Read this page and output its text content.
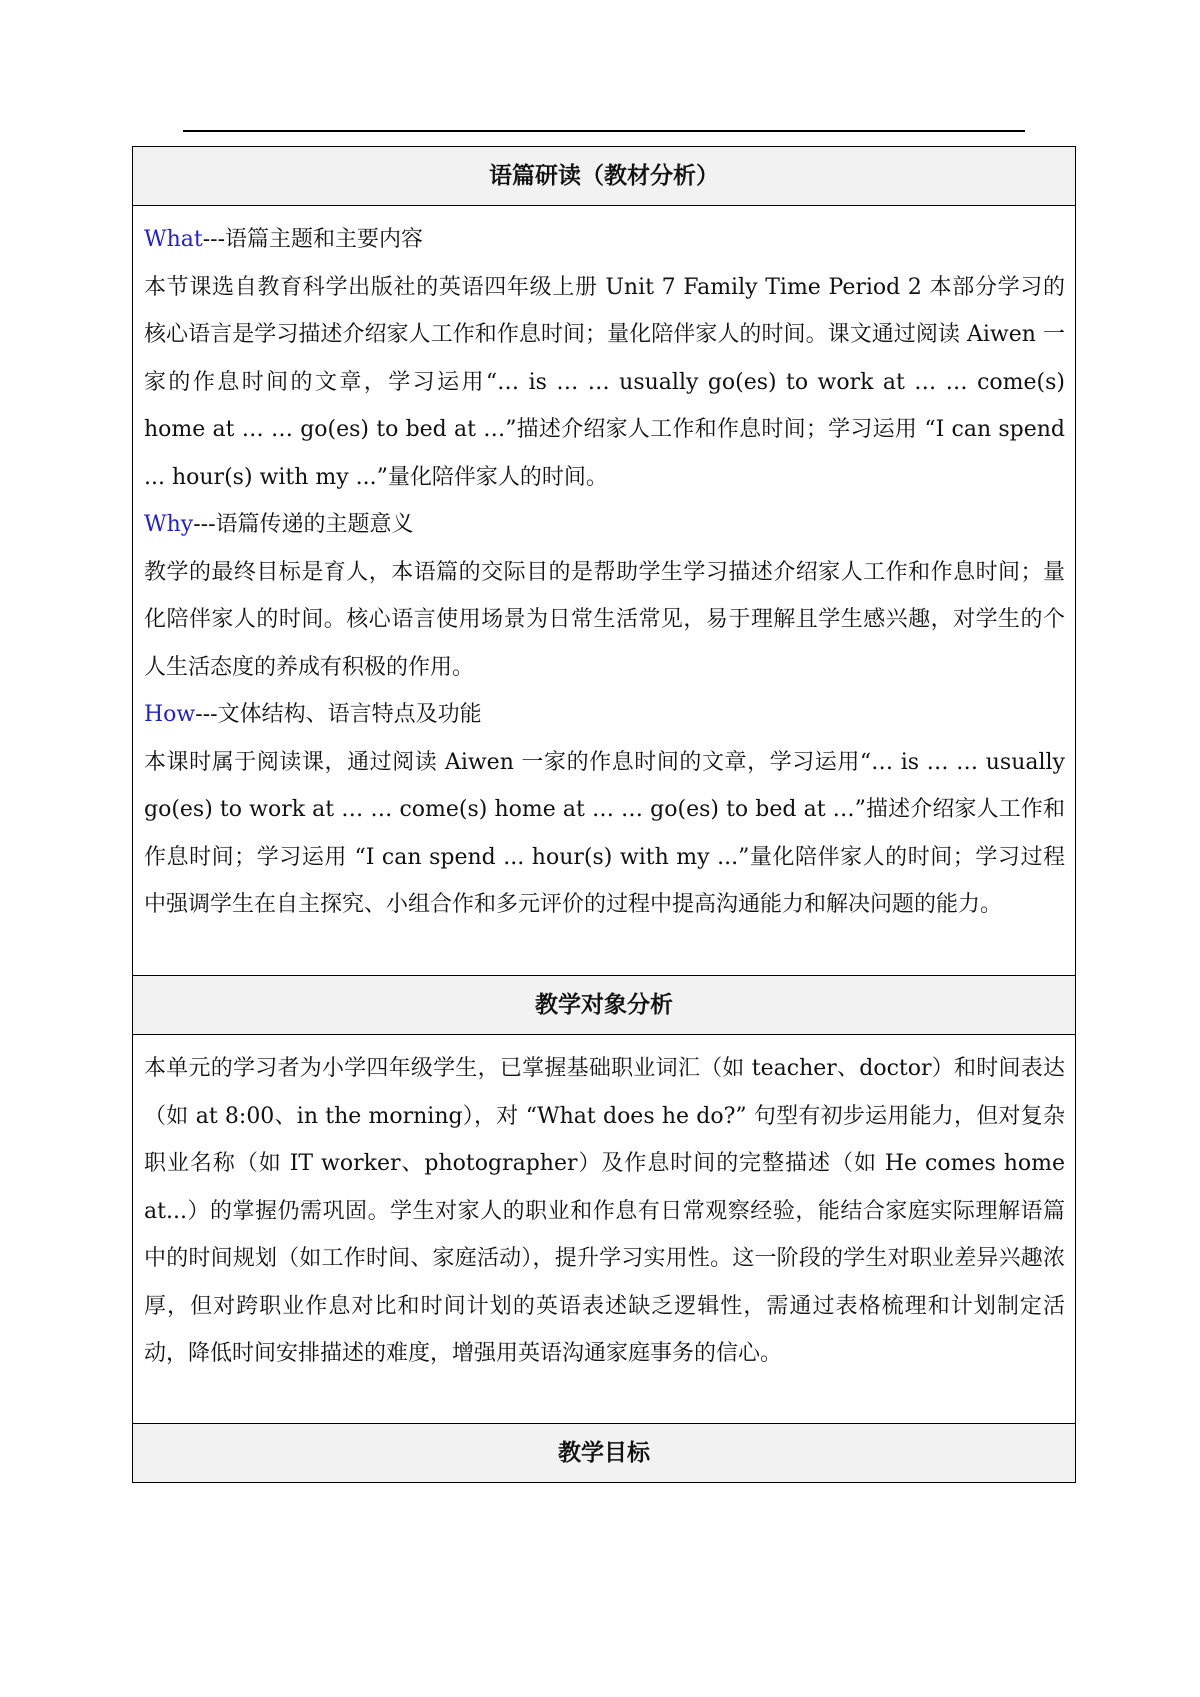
语篇研读（教材分析）

What---语篇主题和主要内容

本节课选自教育科学出版社的英语四年级上册 Unit 7 Family Time Period 2 本部分学习的核心语言是学习描述介绍家人工作和作息时间；量化陪伴家人的时间。课文通过阅读 Aiwen 一家的作息时间的文章，学习运用“… is … … usually go(es) to work at … … come(s) home at … … go(es) to bed at …”描述介绍家人工作和作息时间；学习运用 “I can spend ... hour(s) with my ...”量化陪伴家人的时间。

Why---语篇传递的主题意义

教学的最终目标是育人，本语篇的交际目的是帮助学生学习描述介绍家人工作和作息时间；量化陪伴家人的时间。核心语言使用场景为日常生活常见，易于理解且学生感兴趣，对学生的个人生活态度的养成有积极的作用。

How---文体结构、语言特点及功能

本课时属于阅读课，通过阅读 Aiwen 一家的作息时间的文章，学习运用“… is … … usually go(es) to work at … … come(s) home at … … go(es) to bed at …”描述介绍家人工作和作息时间；学习运用 “I can spend ... hour(s) with my ...”量化陪伴家人的时间；学习过程中强调学生在自主探究、小组合作和多元评价的过程中提高沟通能力和解决问题的能力。

教学对象分析

本单元的学习者为小学四年级学生，已掌握基础职业词汇（如 teacher、doctor）和时间表达（如 at 8:00、in the morning），对 “What does he do?” 句型有初步运用能力，但对复杂职业名称（如 IT worker、photographer）及作息时间的完整描述（如 He comes home at...）的掌握仍需巩固。学生对家人的职业和作息有日常观察经验，能结合家庭实际理解语篇中的时间规划（如工作时间、家庭活动），提升学习实用性。这一阶段的学生对职业差异兴趣浓厚，但对跨职业作息对比和时间计划的英语表述缺乏逻辑性，需通过表格梳理和计划制定活动，降低时间安排描述的难度，增强用英语沟通家庭事务的信心。

教学目标
